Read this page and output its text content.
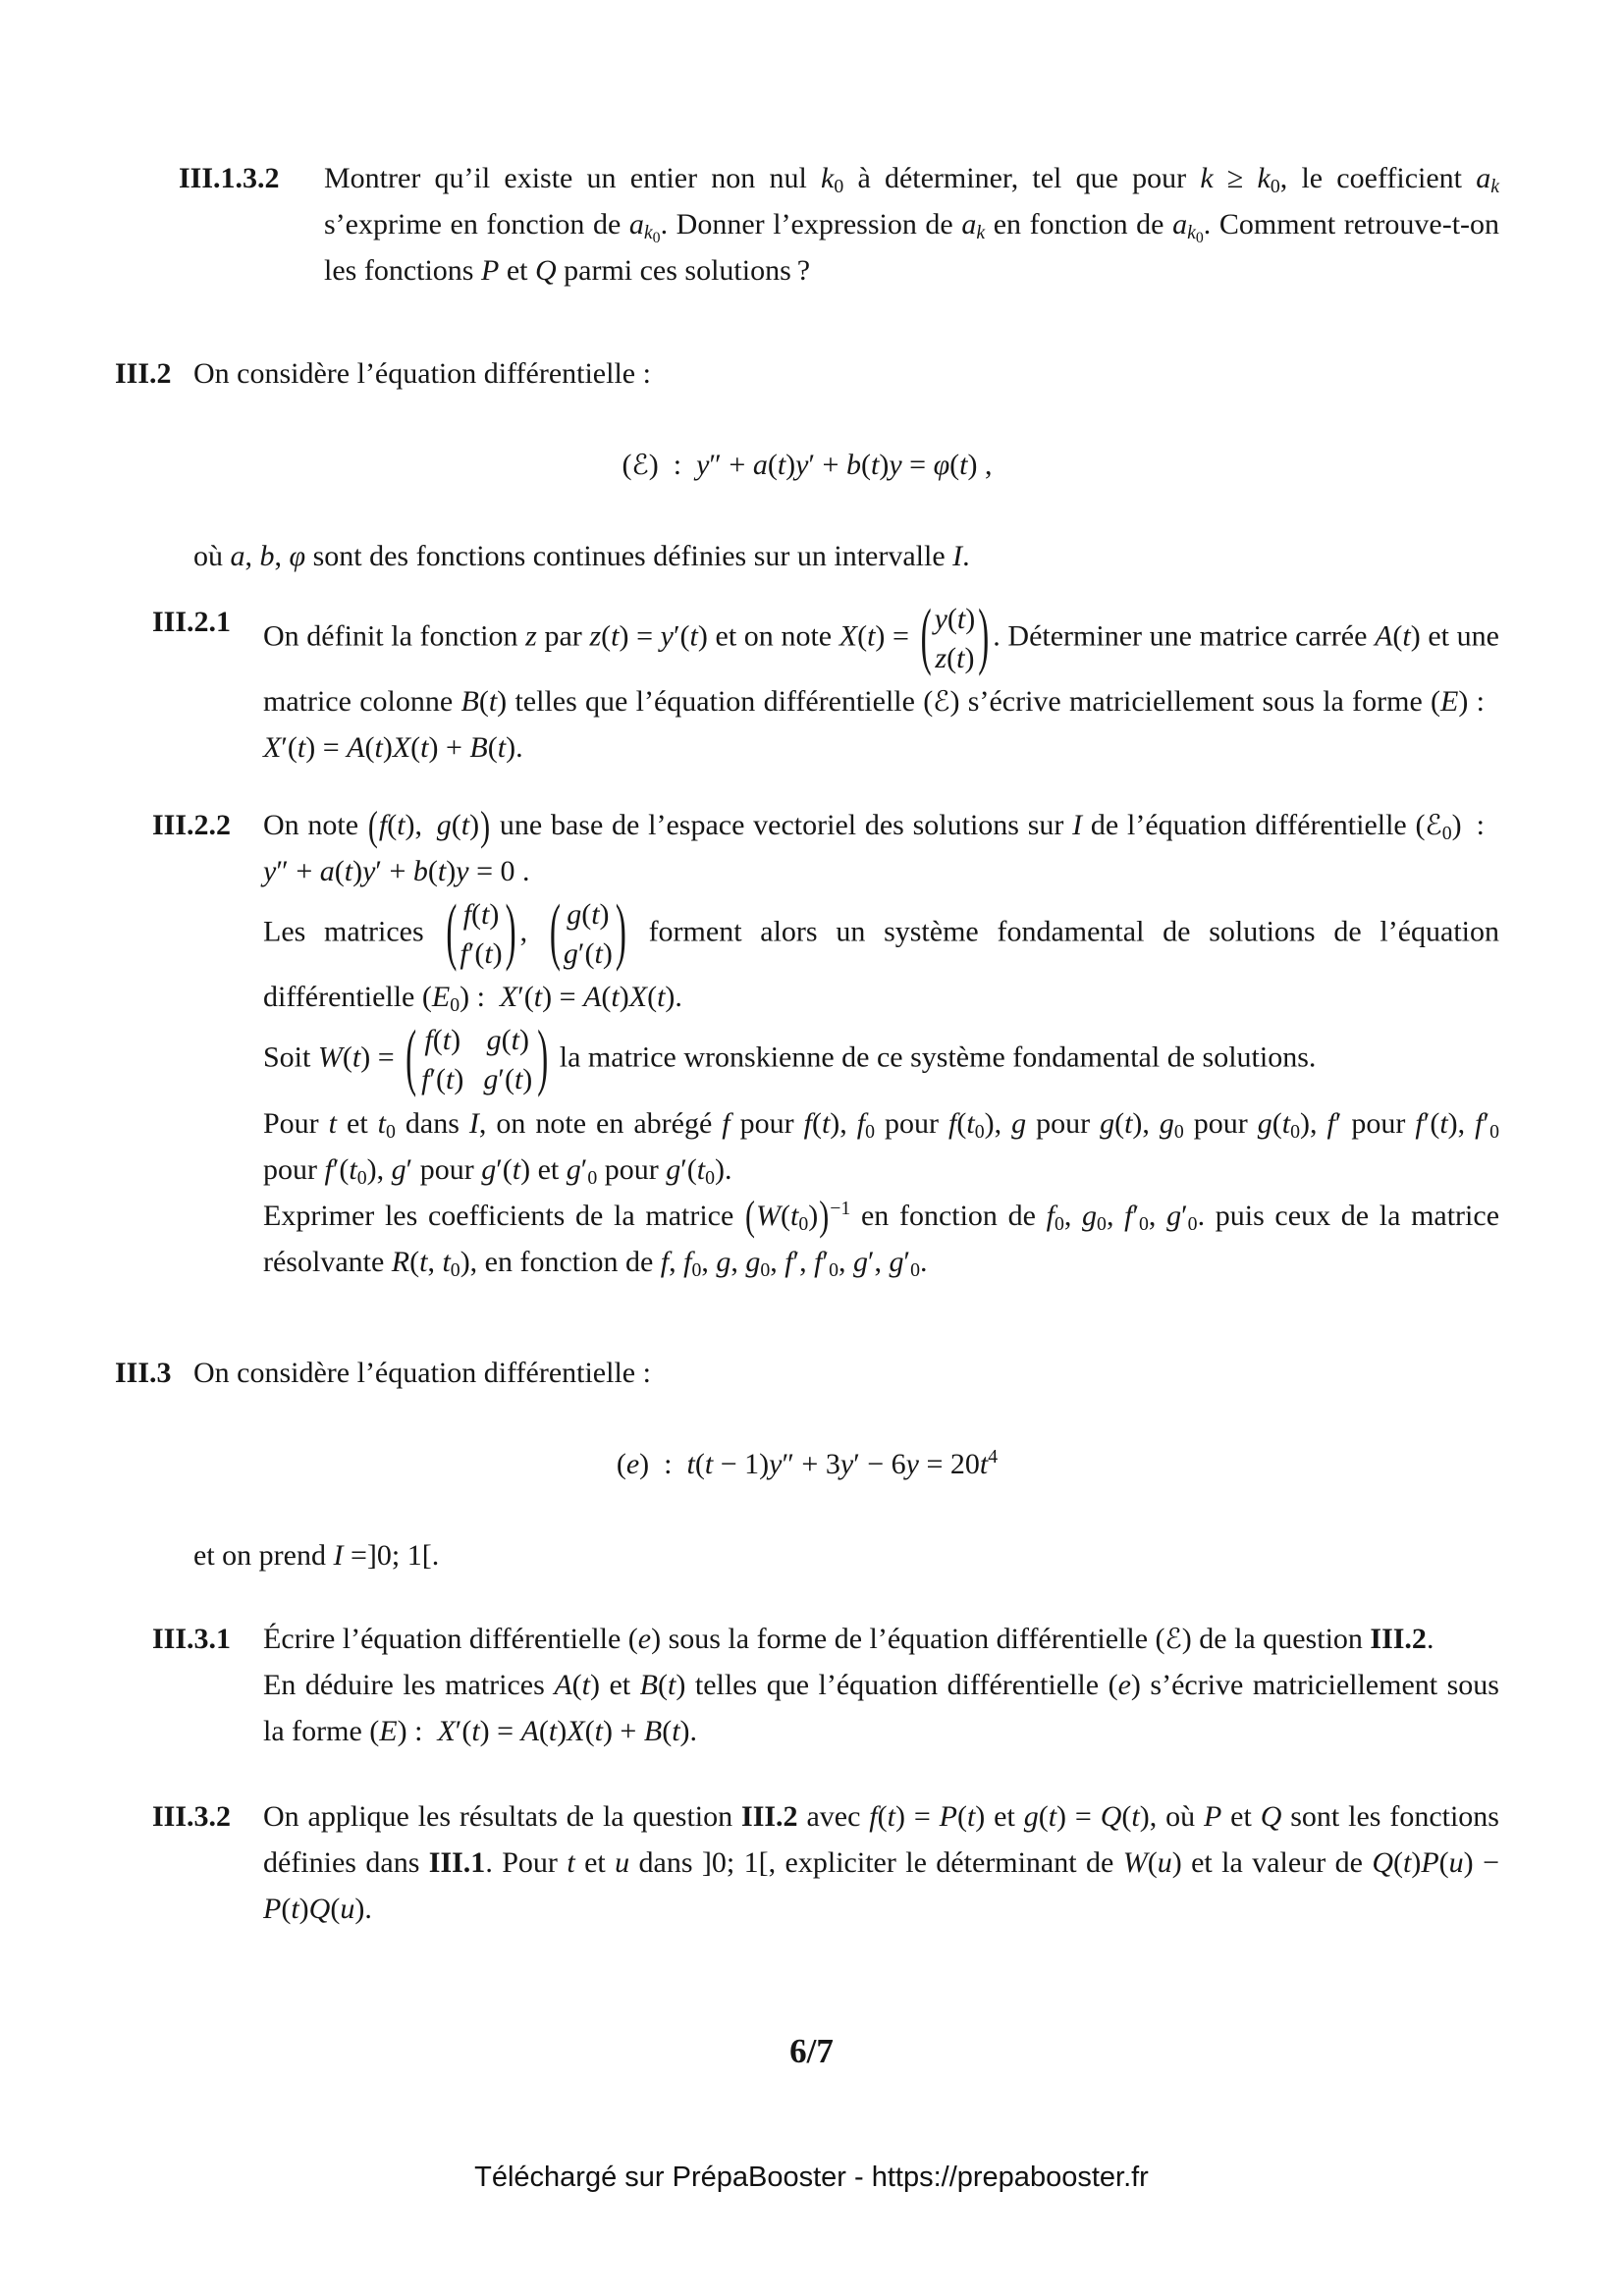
III.1.3.2	Montrer qu’il existe un entier non nul $k_0$ à déterminer, tel que pour $k \ge k_0$, le coefficient $a_k$ s’exprime en fonction de $a_{k_0}$. Donner l’expression de $a_k$ en fonction de $a_{k_0}$. Comment retrouve-t-on les fonctions P et Q parmi ces solutions ?
III.2 On considère l’équation différentielle :
(ℰ) : y″ + a(t)y′ + b(t)y = φ(t) ,
où a, b, φ sont des fonctions continues définies sur un intervalle I.
III.2.1	On définit la fonction z par z(t) = y′(t) et on note X(t) = ( y(t)
z(t) ) . Déterminer une matrice carrée A(t) et une matrice colonne B(t) telles que l’équation différentielle (ℰ) s’écrive matriciellement sous la forme (E) : X′(t) = A(t)X(t) + B(t).
III.2.2	On note (f(t),  g(t)) une base de l’espace vectoriel des solutions sur I de l’équation différentielle (ℰ$_0$) : y″ + a(t)y′ + b(t)y = 0 .

Les matrices ( f(t)
f′(t) ) , ( g(t)
g′(t) ) forment alors un système fondamental de solutions de l’équation différentielle $(E_0)$ : X′(t) = A(t)X(t).

Soit W(t) = ( f(t) g(t)
f′(t) g′(t) ) la matrice wronskienne de ce système fondamental de solutions.

Pour t et $t_0$ dans I, on note en abrégé f pour f(t), $f_0$ pour $f(t_0)$, g pour g(t), $g_0$ pour $g(t_0)$, f′ pour f′(t), $f'_0$ pour $f'(t_0)$, g′ pour g′(t) et $g'_0$ pour $g'(t_0)$.

Exprimer les coefficients de la matrice $(W(t_0))^{-1}$ en fonction de $f_0$, $g_0$, $f'_0$, $g'_0$. puis ceux de la matrice résolvante R(t, $t_0$), en fonction de f, $f_0$, g, $g_0$, f′, $f'_0$, g′, $g'_0$.

III.3 On considère l’équation différentielle :
(e) : $t(t - 1)y'' + 3y' - 6y = 20t^4$
et on prend I =]0; 1[.
III.3.1	Écrire l’équation différentielle (e) sous la forme de l’équation différentielle (ℰ) de la question III.2.

En déduire les matrices A(t) et B(t) telles que l’équation différentielle (e) s’écrive matriciellement sous la forme (E) : X′(t) = A(t)X(t) + B(t).

III.3.2	On applique les résultats de la question III.2 avec f(t) = P(t) et g(t) = Q(t), où P et Q sont les fonctions définies dans III.1. Pour t et u dans ]0; 1[, expliciter le déterminant de W(u) et la valeur de Q(t)P(u) − P(t)Q(u).
6/7
Téléchargé sur PrépaBooster - https://prepabooster.fr
